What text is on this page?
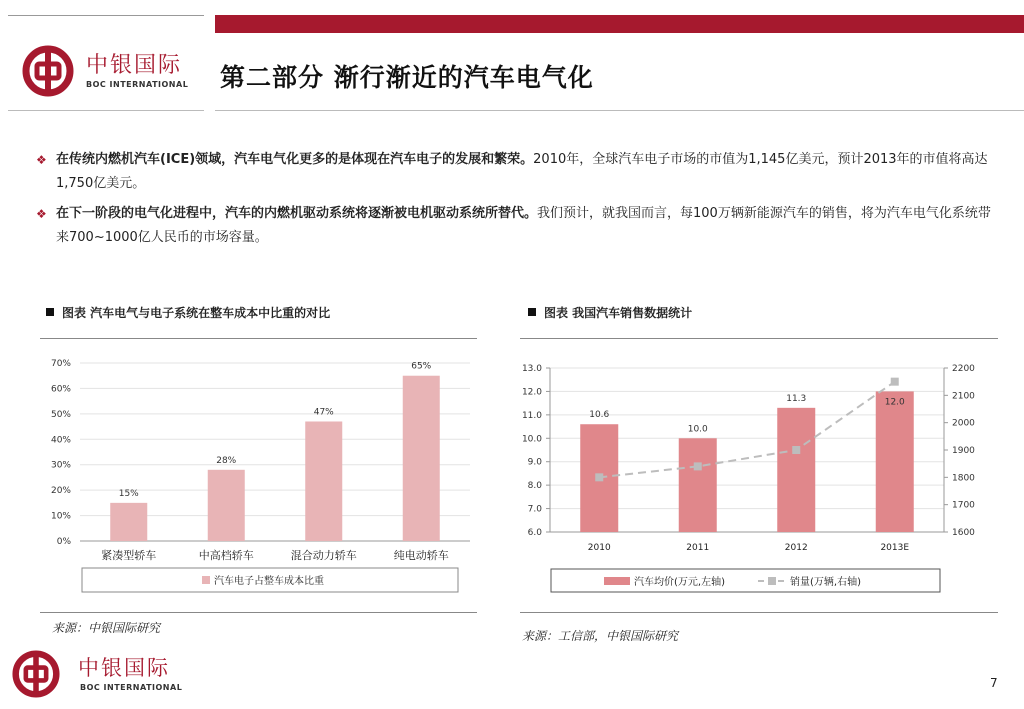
中银国际
BOC INTERNATIONAL 第二部分 渐行渐近的汽车电气化
❖ 在传统内燃机汽车(ICE)领域，汽车电气化更多的是体现在汽车电子的发展和繁荣。2010年，全球汽车电子市场的市值为1,145亿美元，预计2013年的市值将高达1,750亿美元。
❖ 在下一阶段的电气化进程中，汽车的内燃机驱动系统将逐渐被电机驱动系统所替代。我们预计，就我国而言，每100万辆新能源汽车的销售，将为汽车电气化系统带来700~1000亿人民币的市场容量。
图表 汽车电气与电子系统在整车成本中比重的对比	图表 我国汽车销售数据统计
0%
10%
20%
30%
40%
50%
60%
70%
15%
紧凑型轿车
28%
中高档轿车
47%
混合动力轿车
65%
纯电动轿车
汽车电子占整车成本比重
6.0
7.0
8.0
9.0
10.0
11.0
12.0
13.0
1600
1700
1800
1900
2000
2100
2200
10.6
2010
10.0
2011
11.3
2012
12.0
2013E
汽车均价(万元,左轴)	销量(万辆,右轴)
来源：中银国际研究
来源：工信部，中银国际研究
中银国际
BOC INTERNATIONAL	7
